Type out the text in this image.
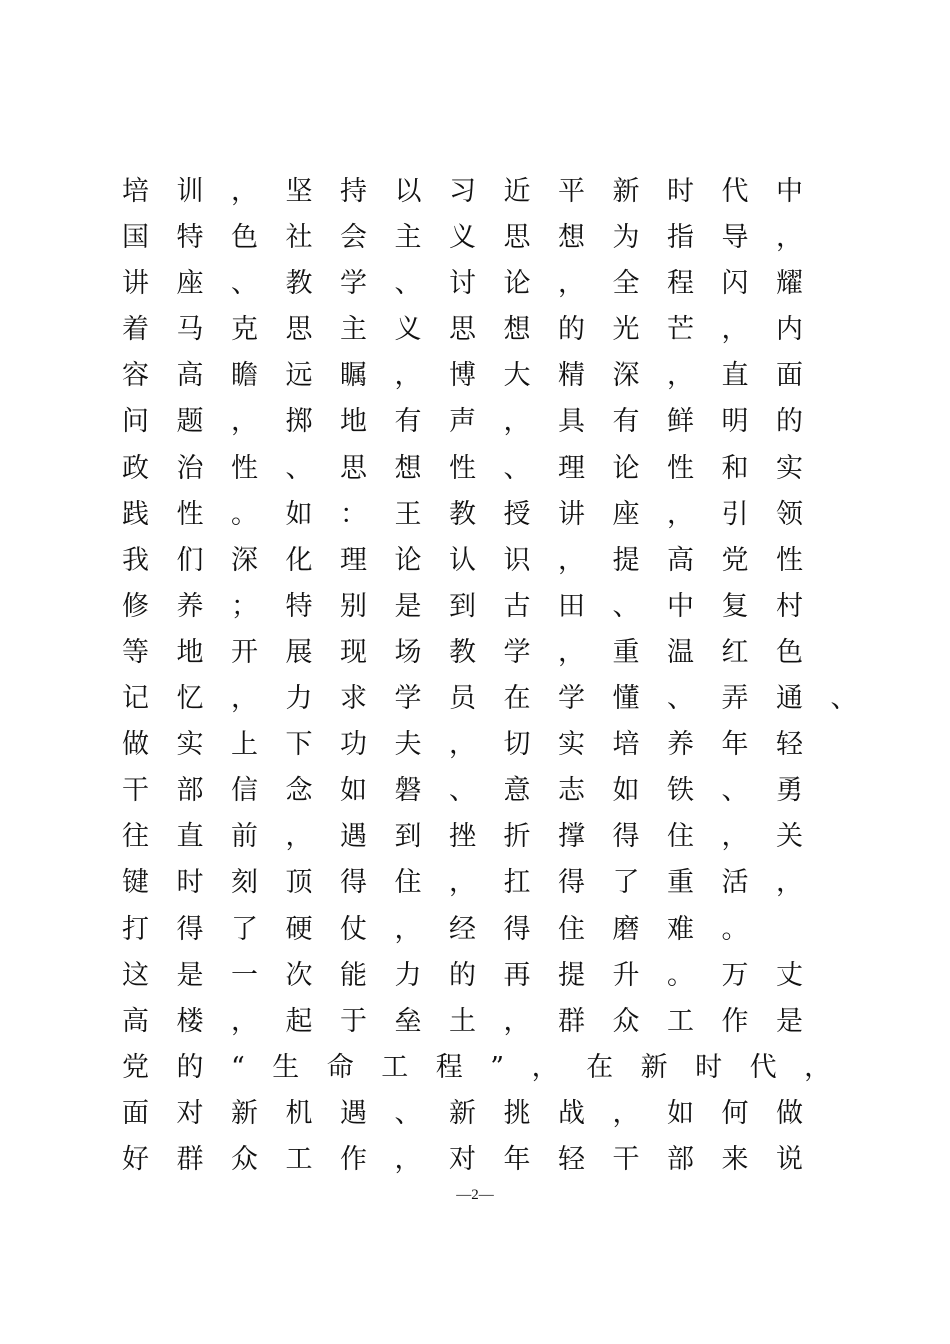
培训，坚持以习近平新时代中
国特色社会主义思想为指导，
讲座、教学、讨论，全程闪耀
着马克思主义思想的光芒，内
容高瞻远瞩，博大精深，直面
问题，掷地有声，具有鲜明的
政治性、思想性、理论性和实
践性。如：王教授讲座，引领
我们深化理论认识，提高党性
修养；特别是到古田、中复村
等地开展现场教学，重温红色
记忆，力求学员在学懂、弄通、
做实上下功夫，切实培养年轻
干部信念如磐、意志如铁、勇
往直前，遇到挫折撑得住，关
键时刻顶得住，扛得了重活，
打得了硬仗，经得住磨难。
这是一次能力的再提升。万丈
高楼，起于垒土，群众工作是
党的“生命工程”，在新时代，
面对新机遇、新挑战，如何做
好群众工作，对年轻干部来说
—2—
